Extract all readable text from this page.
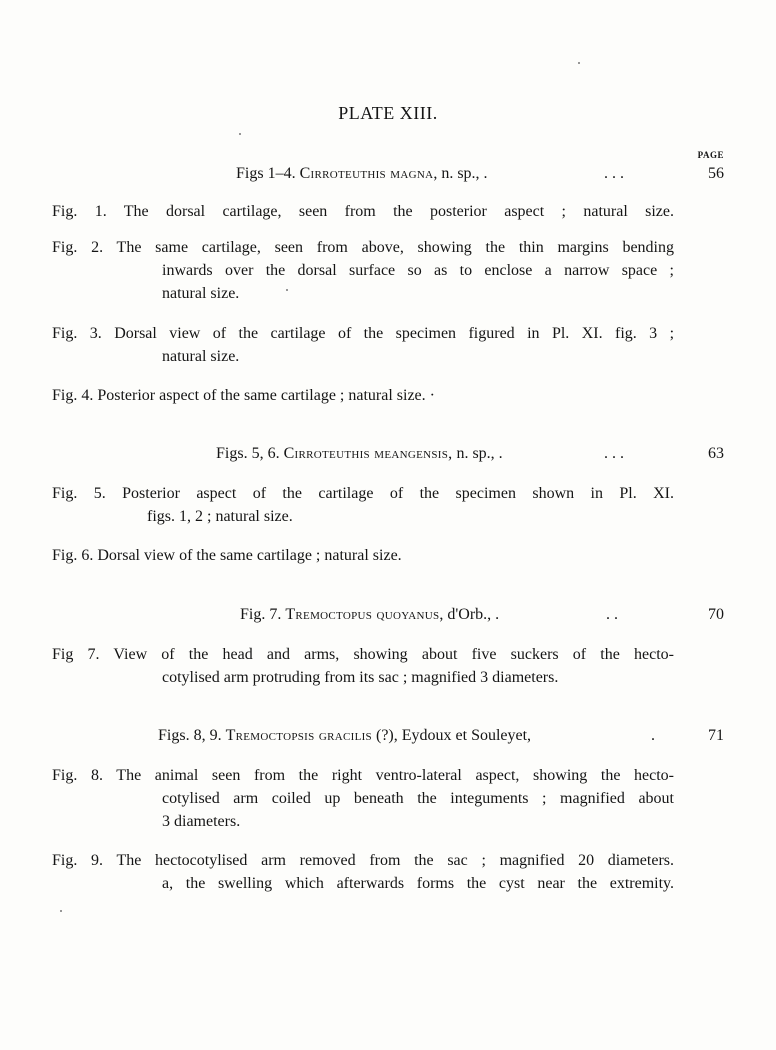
PLATE XIII.
PAGE
Figs 1–4. Cirroteuthis magna, n. sp., .	. . .	56
Fig. 1. The dorsal cartilage, seen from the posterior aspect ; natural size.
Fig. 2. The same cartilage, seen from above, showing the thin margins bending
inwards over the dorsal surface so as to enclose a narrow space ;
natural size.
Fig. 3. Dorsal view of the cartilage of the specimen figured in Pl. XI. fig. 3 ;
natural size.
Fig. 4. Posterior aspect of the same cartilage ; natural size. ·
Figs. 5, 6. Cirroteuthis meangensis, n. sp., .	. . .	63
Fig. 5. Posterior aspect of the cartilage of the specimen shown in Pl. XI.
figs. 1, 2 ; natural size.
Fig. 6. Dorsal view of the same cartilage ; natural size.
Fig. 7. Tremoctopus quoyanus, d'Orb., .	. .	70
Fig 7. View of the head and arms, showing about five suckers of the hecto-
cotylised arm protruding from its sac ; magnified 3 diameters.
Figs. 8, 9. Tremoctopsis gracilis (?), Eydoux et Souleyet,	.	71
Fig. 8. The animal seen from the right ventro-lateral aspect, showing the hecto-
cotylised arm coiled up beneath the integuments ; magnified about
3 diameters.
Fig. 9. The hectocotylised arm removed from the sac ; magnified 20 diameters.
a, the swelling which afterwards forms the cyst near the extremity.
